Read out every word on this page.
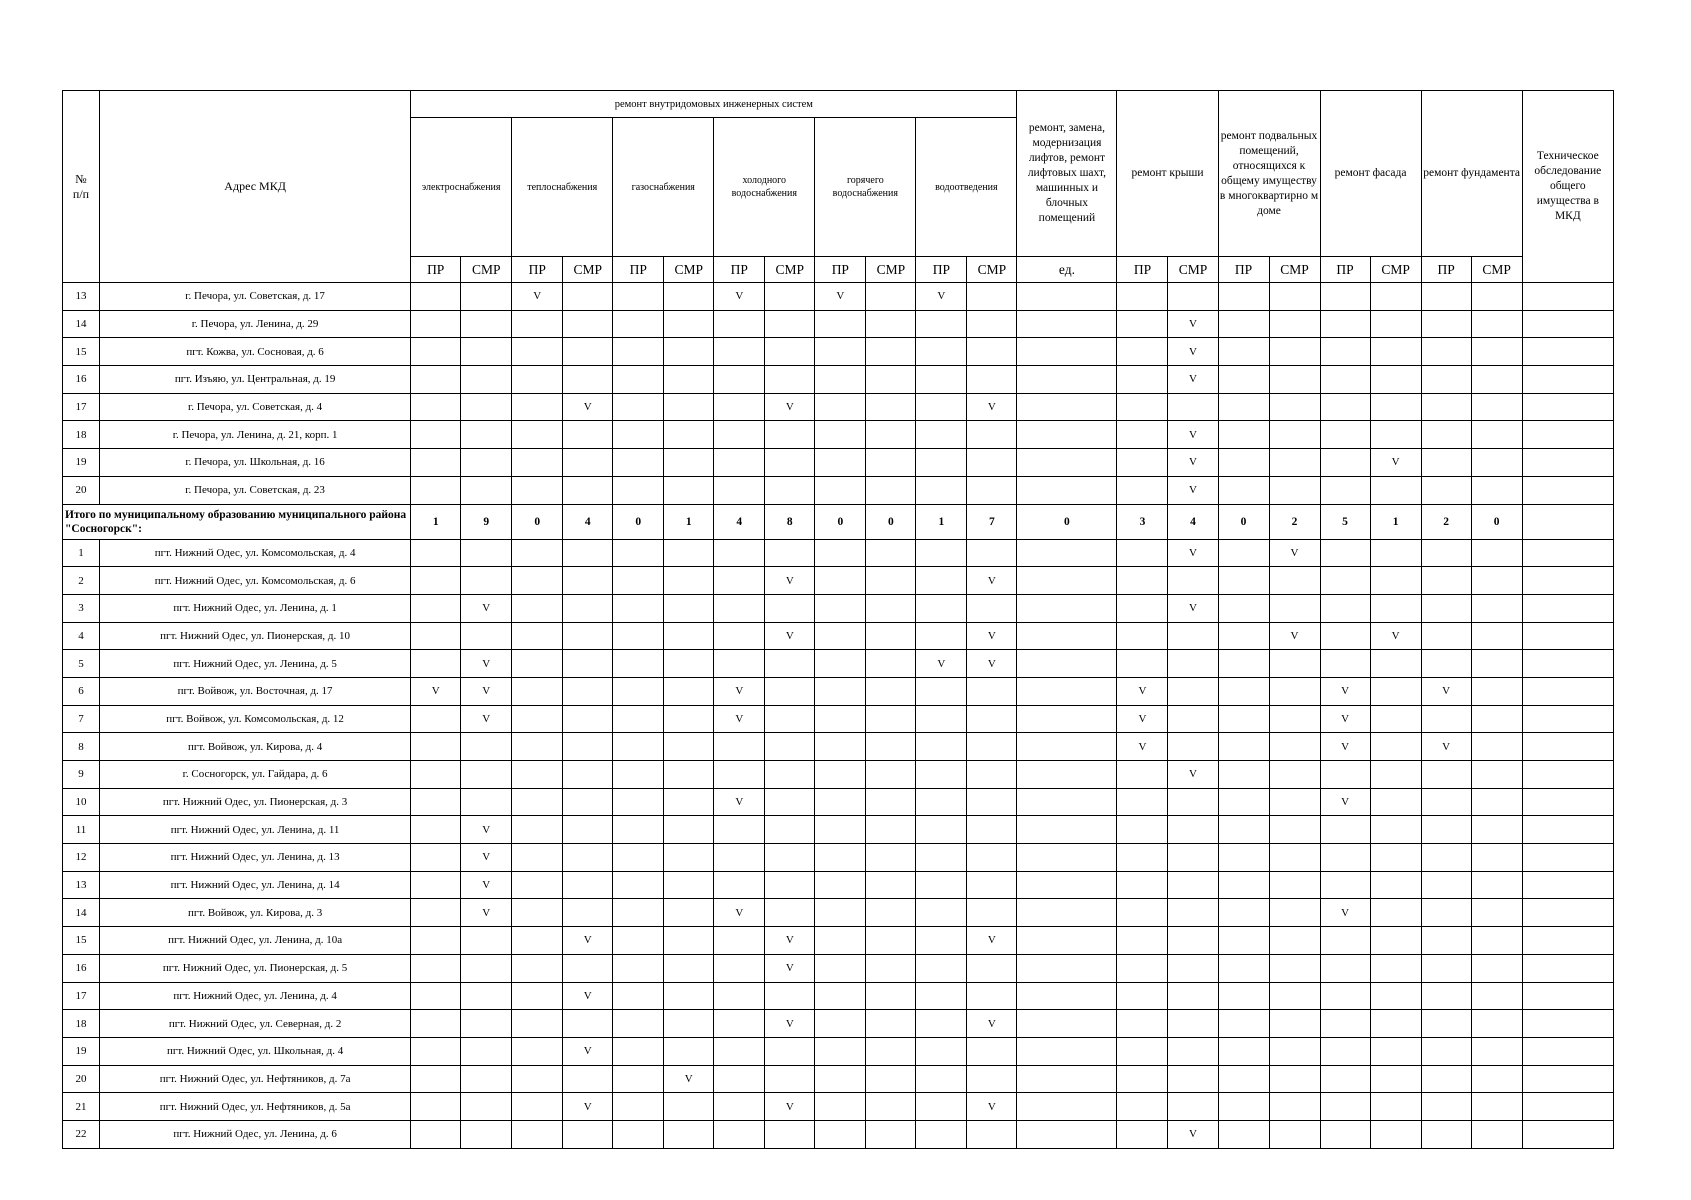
№
п/п	Адрес МКД	ремонт внутридомовых инженерных систем												ремонт, замена, модернизация лифтов, ремонт лифтовых шахт, машинных и блочных помещений	ремонт крыши		ремонт подвальных помещений, относящихся к общему имуществу в многоквартирно м доме		ремонт фасада		ремонт фундамента		Техническое обследование общего имущества в МКД
		электроснабжения		теплоснабжения		газоснабжения		холодного
водоснабжения		горячего
водоснабжения		водоотведения											
		ПР	СМР	ПР	СМР	ПР	СМР	ПР	СМР	ПР	СМР	ПР	СМР	ед.	ПР	СМР	ПР	СМР	ПР	СМР	ПР	СМР	
13	г. Печора, ул. Советская, д. 17			V				V		V		V											
14	г. Печора, ул. Ленина, д. 29															V							
15	пгт. Кожва, ул. Сосновая, д. 6															V							
16	пгт. Изъяю, ул. Центральная, д. 19															V							
17	г. Печора, ул. Советская, д. 4				V				V				V										
18	г. Печора, ул. Ленина, д. 21, корп. 1															V							
19	г. Печора, ул. Школьная, д. 16															V				V			
20	г. Печора, ул. Советская, д. 23															V							
Итого по муниципальному образованию муниципального района "Сосногорск":		1	9	0	4	0	1	4	8	0	0	1	7	0	3	4	0	2	5	1	2	0	
1	пгт. Нижний Одес, ул. Комсомольская, д. 4															V		V					
2	пгт. Нижний Одес, ул. Комсомольская, д. 6								V				V										
3	пгт. Нижний Одес, ул. Ленина, д. 1		V													V							
4	пгт. Нижний Одес, ул. Пионерская, д. 10								V				V					V		V			
5	пгт. Нижний Одес, ул. Ленина, д. 5		V									V	V										
6	пгт. Войвож, ул. Восточная, д. 17	V	V					V							V				V		V		
7	пгт. Войвож, ул. Комсомольская, д. 12		V					V							V				V				
8	пгт. Войвож, ул. Кирова, д. 4														V				V		V		
9	г. Сосногорск, ул. Гайдара, д. 6															V							
10	пгт. Нижний Одес, ул. Пионерская, д. 3							V											V				
11	пгт. Нижний Одес, ул. Ленина, д. 11		V																				
12	пгт. Нижний Одес, ул. Ленина, д. 13		V																				
13	пгт. Нижний Одес, ул. Ленина, д. 14		V																				
14	пгт. Войвож, ул. Кирова, д. 3		V					V											V				
15	пгт. Нижний Одес, ул. Ленина, д. 10а				V				V				V										
16	пгт. Нижний Одес, ул. Пионерская, д. 5								V														
17	пгт. Нижний Одес, ул. Ленина, д. 4				V																		
18	пгт. Нижний Одес, ул. Северная, д. 2								V				V										
19	пгт. Нижний Одес, ул. Школьная, д. 4				V																		
20	пгт. Нижний Одес, ул. Нефтяников, д. 7а						V																
21	пгт. Нижний Одес, ул. Нефтяников, д. 5а				V				V				V										
22	пгт. Нижний Одес, ул. Ленина, д. 6															V							
